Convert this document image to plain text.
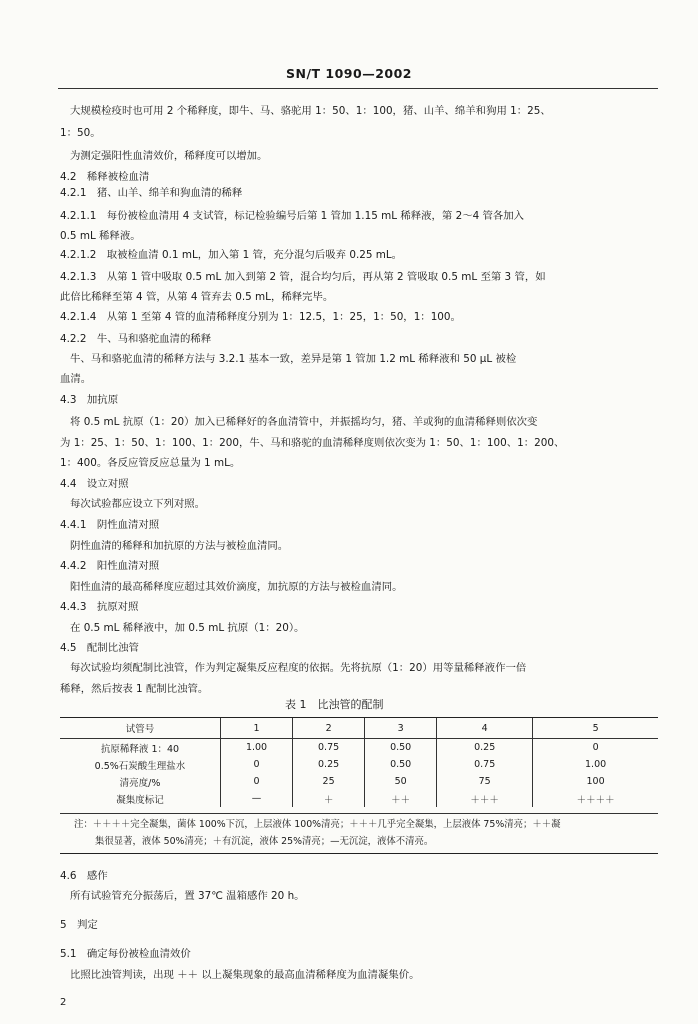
SN/T 1090—2002
大规模检疫时也可用 2 个稀释度，即牛、马、骆驼用 1：50、1：100，猪、山羊、绵羊和狗用 1：25、
1：50。
为测定强阳性血清效价，稀释度可以增加。
4.2　稀释被检血清
4.2.1　猪、山羊、绵羊和狗血清的稀释
4.2.1.1　每份被检血清用 4 支试管，标记检验编号后第 1 管加 1.15 mL 稀释液，第 2～4 管各加入
0.5 mL 稀释液。
4.2.1.2　取被检血清 0.1 mL，加入第 1 管，充分混匀后吸弃 0.25 mL。
4.2.1.3　从第 1 管中吸取 0.5 mL 加入到第 2 管，混合均匀后，再从第 2 管吸取 0.5 mL 至第 3 管，如
此倍比稀释至第 4 管，从第 4 管弃去 0.5 mL，稀释完毕。
4.2.1.4　从第 1 至第 4 管的血清稀释度分别为 1：12.5，1：25，1：50，1：100。
4.2.2　牛、马和骆驼血清的稀释
牛、马和骆驼血清的稀释方法与 3.2.1 基本一致，差异是第 1 管加 1.2 mL 稀释液和 50 μL 被检
血清。
4.3　加抗原
将 0.5 mL 抗原（1：20）加入已稀释好的各血清管中，并振摇均匀，猪、羊或狗的血清稀释则依次变
为 1：25、1：50、1：100、1：200，牛、马和骆驼的血清稀释度则依次变为 1：50、1：100、1：200、
1：400。各反应管反应总量为 1 mL。
4.4　设立对照
每次试验都应设立下列对照。
4.4.1　阴性血清对照
阴性血清的稀释和加抗原的方法与被检血清同。
4.4.2　阳性血清对照
阳性血清的最高稀释度应超过其效价滴度，加抗原的方法与被检血清同。
4.4.3　抗原对照
在 0.5 mL 稀释液中，加 0.5 mL 抗原（1：20）。
4.5　配制比浊管
每次试验均须配制比浊管，作为判定凝集反应程度的依据。先将抗原（1：20）用等量稀释液作一倍
稀释，然后按表 1 配制比浊管。
4.6　感作
所有试验管充分振荡后，置 37℃ 温箱感作 20 h。
5　判定
5.1　确定每份被检血清效价
比照比浊管判读，出现 ＋＋ 以上凝集现象的最高血清稀释度为血清凝集价。
表 1　比浊管的配制
试管号	1	2	3	4	5
抗原稀释液 1：40	1.00	0.75	0.50	0.25	0
0.5%石炭酸生理盐水	0	0.25	0.50	0.75	1.00
清亮度/%	0	25	50	75	100
凝集度标记	—	＋	＋＋	＋＋＋	＋＋＋＋
注：＋＋＋＋完全凝集，菌体 100%下沉，上层液体 100%清亮；＋＋＋几乎完全凝集，上层液体 75%清亮；＋＋凝
集很显著，液体 50%清亮；＋有沉淀，液体 25%清亮；—无沉淀，液体不清亮。
2
